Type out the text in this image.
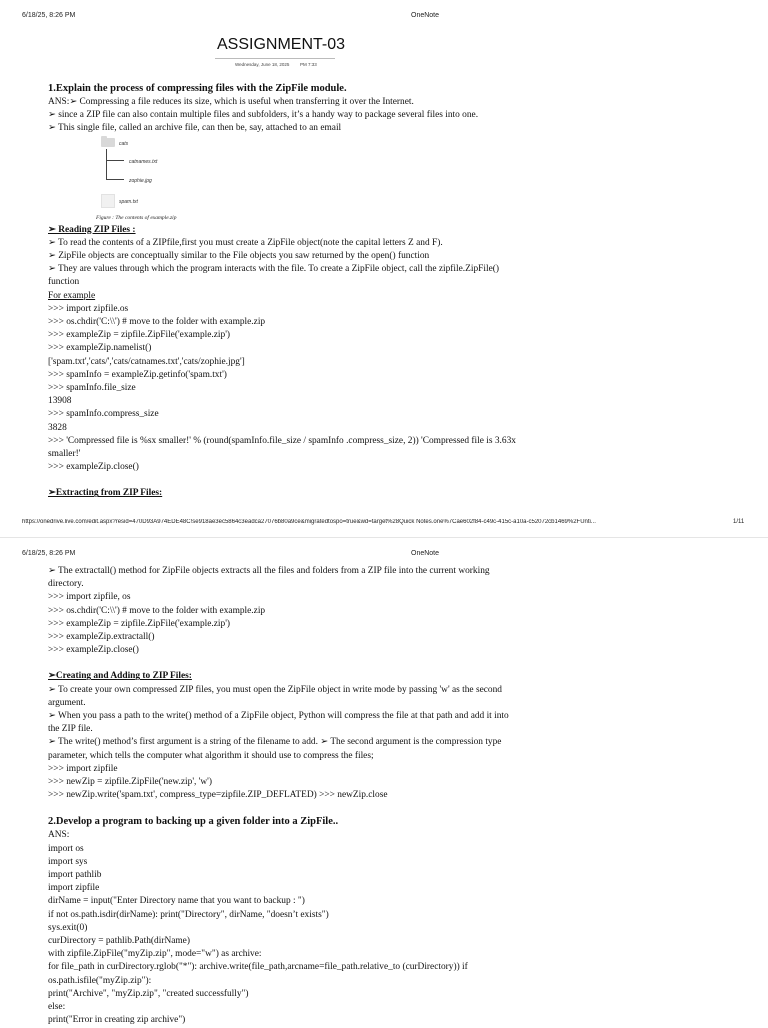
6/18/25, 8:26 PM	OneNote
ASSIGNMENT-03
Wednesday, June 18, 2025 PM 7:33

1.Explain the process of compressing files with the ZipFile module.

ANS:➢ Compressing a file reduces its size, which is useful when transferring it over the Internet.

➢ since a ZIP file can also contain multiple files and subfolders, it’s a handy way to package several files into one.

➢ This single file, called an archive file, can then be, say, attached to an email

cats
catnames.txt
zophie.jpg
spam.txt
Figure : The contents of example.zip

➢ Reading ZIP Files :

➢ To read the contents of a ZIPfile,first you must create a ZipFile object(note the capital letters Z and F).

➢ ZipFile objects are conceptually similar to the File objects you saw returned by the open() function

➢ They are values through which the program interacts with the file. To create a ZipFile object, call the zipfile.ZipFile()

function

For example

>>> import zipfile.os

>>> os.chdir('C:\\') # move to the folder with example.zip

>>> exampleZip = zipfile.ZipFile('example.zip')

>>> exampleZip.namelist()

['spam.txt','cats/','cats/catnames.txt','cats/zophie.jpg']

>>> spamInfo = exampleZip.getinfo('spam.txt')

>>> spamInfo.file_size

13908

>>> spamInfo.compress_size

3828

>>> 'Compressed file is %sx smaller!' % (round(spamInfo.file_size / spamInfo .compress_size, 2)) 'Compressed file is 3.63x

smaller!'

>>> exampleZip.close()

➢Extracting from ZIP Files:

https://onedrive.live.com/edit.aspx?resid=470D93A974EDE48C!se918ae3ec5864c3eadca27076b80a9ce&migratedtospo=true&wd=target%28Quick Notes.one%7Cae602f84-c49c-415c-a10a-c52072cb1469%2FUnti...	1/11
6/18/25, 8:26 PM	OneNote

➢ The extractall() method for ZipFile objects extracts all the files and folders from a ZIP file into the current working

directory.

>>> import zipfile, os

>>> os.chdir('C:\\') # move to the folder with example.zip

>>> exampleZip = zipfile.ZipFile('example.zip')

>>> exampleZip.extractall()

>>> exampleZip.close()

➢Creating and Adding to ZIP Files:

➢ To create your own compressed ZIP files, you must open the ZipFile object in write mode by passing 'w' as the second

argument.

➢ When you pass a path to the write() method of a ZipFile object, Python will compress the file at that path and add it into

the ZIP file.

➢ The write() method’s first argument is a string of the filename to add. ➢ The second argument is the compression type

parameter, which tells the computer what algorithm it should use to compress the files;

>>> import zipfile

>>> newZip = zipfile.ZipFile('new.zip', 'w')

>>> newZip.write('spam.txt', compress_type=zipfile.ZIP_DEFLATED) >>> newZip.close

2.Develop a program to backing up a given folder into a ZipFile..

ANS:

import os

import sys

import pathlib

import zipfile

dirName = input("Enter Directory name that you want to backup : ")

if not os.path.isdir(dirName): print("Directory", dirName, "doesn’t exists")

sys.exit(0)

curDirectory = pathlib.Path(dirName)

with zipfile.ZipFile("myZip.zip", mode="w") as archive:

for file_path in curDirectory.rglob("*"): archive.write(file_path,arcname=file_path.relative_to (curDirectory)) if

os.path.isfile("myZip.zip"):

print("Archive", "myZip.zip", "created successfully")

else:

print("Error in creating zip archive")
